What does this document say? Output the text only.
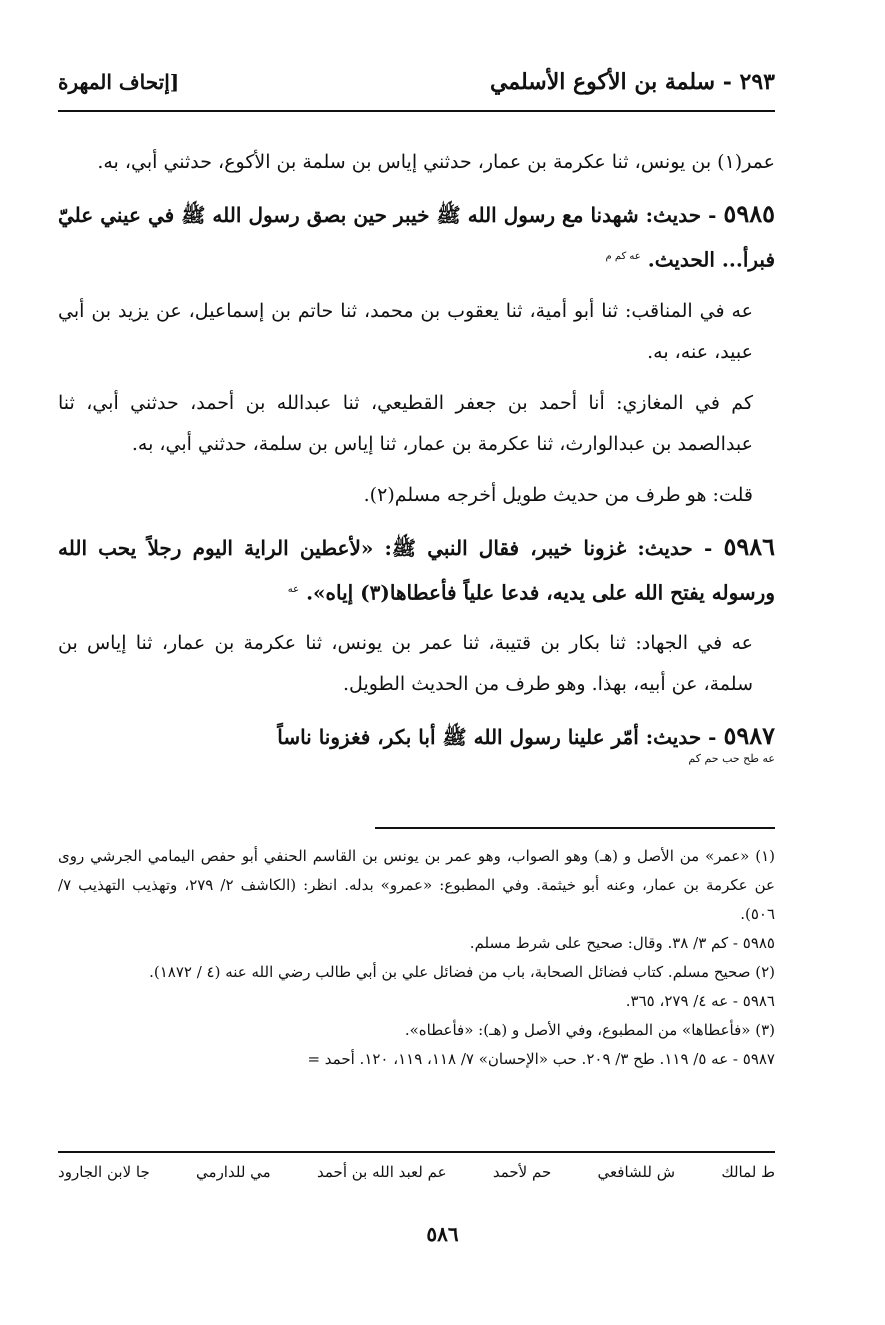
٢٩٣ - سلمة بن الأكوع الأسلمي
[إتحاف المهرة

عمر(١) بن يونس، ثنا عكرمة بن عمار، حدثني إياس بن سلمة بن الأكوع، حدثني أبي، به.

٥٩٨٥ - حديث: شهدنا مع رسول الله ﷺ خيبر حين بصق رسول الله ﷺ في عيني عليّ فبرأ... الحديث. $^{عه كم م}$

عه في المناقب: ثنا أبو أمية، ثنا يعقوب بن محمد، ثنا حاتم بن إسماعيل، عن يزيد بن أبي عبيد، عنه، به.

كم في المغازي: أنا أحمد بن جعفر القطيعي، ثنا عبدالله بن أحمد، حدثني أبي، ثنا عبدالصمد بن عبدالوارث، ثنا عكرمة بن عمار، ثنا إياس بن سلمة، حدثني أبي، به.

قلت: هو طرف من حديث طويل أخرجه مسلم(٢).

٥٩٨٦ - حديث: غزونا خيبر، فقال النبي ﷺ: «لأعطين الراية اليوم رجلاً يحب الله ورسوله يفتح الله على يديه، فدعا علياً فأعطاها(٣) إياه». $^{عه}$

عه في الجهاد: ثنا بكار بن قتيبة، ثنا عمر بن يونس، ثنا عكرمة بن عمار، ثنا إياس بن سلمة، عن أبيه، بهذا. وهو طرف من الحديث الطويل.

٥٩٨٧ - حديث: أمّر علينا رسول الله ﷺ أبا بكر، فغزونا ناساً
عه طح حب حم كم

(١) «عمر» من الأصل و (هـ) وهو الصواب، وهو عمر بن يونس بن القاسم الحنفي أبو حفص اليمامي الجرشي روى عن عكرمة بن عمار، وعنه أبو خيثمة. وفي المطبوع: «عمرو» بدله. انظر: (الكاشف ٢/ ٢٧٩، وتهذيب التهذيب ٧/ ٥٠٦).

٥٩٨٥ - كم ٣/ ٣٨. وقال: صحيح على شرط مسلم.

(٢) صحيح مسلم. كتاب فضائل الصحابة، باب من فضائل علي بن أبي طالب رضي الله عنه (٤ / ١٨٧٢).

٥٩٨٦ - عه ٤/ ٢٧٩، ٣٦٥.

(٣) «فأعطاها» من المطبوع، وفي الأصل و (هـ): «فأعطاه».

٥٩٨٧ - عه ٥/ ١١٩. طح ٣/ ٢٠٩. حب «الإحسان» ٧/ ١١٨، ١١٩، ١٢٠. أحمد =

ط لمالك
ش للشافعي
حم لأحمد
عم لعبد الله بن أحمد
مي للدارمي
جا لابن الجارود
٥٨٦
